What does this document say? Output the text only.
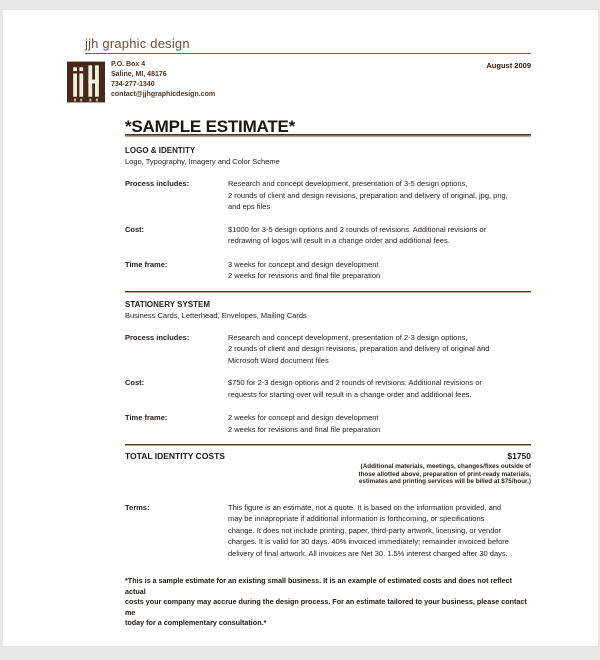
jjh graphic design
P.O. Box 4
Saline, MI, 48176
734-277-1340
contact@jjhgraphicdesign.com
August 2009
*SAMPLE ESTIMATE*
LOGO & IDENTITY
Logo, Typography, Imagery and Color Scheme
Process includes:	Research and concept development, presentation of 3-5 design options,
2 rounds of client and design revisions, preparation and delivery of original, jpg, png,
and eps files
Cost:	$1000 for 3-5 design options and 2 rounds of revisions. Additional revisions or
redrawing of logos will result in a change order and additional fees.
Time frame:	3 weeks for concept and design development
2 weeks for revisions and final file preparation
STATIONERY SYSTEM
Business Cards, Letterhead, Envelopes, Mailing Cards
Process includes:	Research and concept development, presentation of 2-3 design options,
2 rounds of client and design revisions, preparation and delivery of original and
Microsoft Word document files
Cost:	$750 for 2-3 design options and 2 rounds of revisions. Additional revisions or
requests for starting over will result in a change order and additional fees.
Time frame:	2 weeks for concept and design development
2 weeks for revisions and final file preparation
TOTAL IDENTITY COSTS	$1750
(Additional materials, meetings, changes/fixes outside of
those allotted above, preparation of print-ready materials,
estimates and printing services will be billed at $75/hour.)
Terms:	This figure is an estimate, not a quote. It is based on the information provided, and
may be innapropriate if additional information is forthcoming, or specifications
change. It does not include printing, paper, third-party artwork, licensing, or vendor
charges. It is valid for 30 days. 40% invoiced immediately; remainder invoiced before
delivery of final artwork. All invoices are Net 30. 1.5% interest charged after 30 days.
*This is a sample estimate for an existing small business. It is an example of estimated costs and does not reflect actual
costs your company may accrue during the design process. For an estimate tailored to your business, please contact me
today for a complementary consultation.*
